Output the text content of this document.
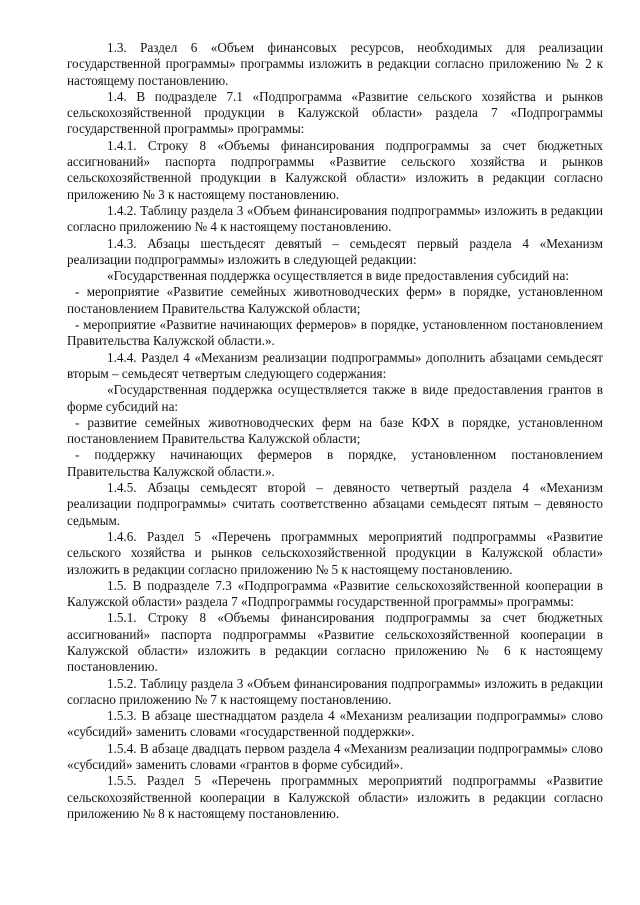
1.3. Раздел 6 «Объем финансовых ресурсов, необходимых для реализации государственной программы» программы изложить в редакции согласно приложению № 2 к настоящему постановлению.

1.4. В подразделе 7.1 «Подпрограмма «Развитие сельского хозяйства и рынков сельскохозяйственной продукции в Калужской области» раздела 7 «Подпрограммы государственной программы» программы:

1.4.1. Строку 8 «Объемы финансирования подпрограммы за счет бюджетных ассигнований» паспорта подпрограммы «Развитие сельского хозяйства и рынков сельскохозяйственной продукции в Калужской области» изложить в редакции согласно приложению № 3 к настоящему постановлению.

1.4.2. Таблицу раздела 3 «Объем финансирования подпрограммы» изложить в редакции согласно приложению № 4 к настоящему постановлению.

1.4.3. Абзацы шестьдесят девятый – семьдесят первый раздела 4 «Механизм реализации подпрограммы» изложить в следующей редакции:

«Государственная поддержка осуществляется в виде предоставления субсидий на:

- мероприятие «Развитие семейных животноводческих ферм» в порядке, установленном постановлением Правительства Калужской области;

- мероприятие «Развитие начинающих фермеров» в порядке, установленном постановлением Правительства Калужской области.».

1.4.4. Раздел 4 «Механизм реализации подпрограммы» дополнить абзацами семьдесят вторым – семьдесят четвертым следующего содержания:

«Государственная поддержка осуществляется также в виде предоставления грантов в форме субсидий на:

- развитие семейных животноводческих ферм на базе КФХ в порядке, установленном постановлением Правительства Калужской области;

- поддержку начинающих фермеров в порядке, установленном постановлением Правительства Калужской области.».

1.4.5. Абзацы семьдесят второй – девяносто четвертый раздела 4 «Механизм реализации подпрограммы» считать соответственно абзацами семьдесят пятым – девяносто седьмым.

1.4.6. Раздел 5 «Перечень программных мероприятий подпрограммы «Развитие сельского хозяйства и рынков сельскохозяйственной продукции в Калужской области» изложить в редакции согласно приложению № 5 к настоящему постановлению.

1.5. В подразделе 7.3 «Подпрограмма «Развитие сельскохозяйственной кооперации в Калужской области» раздела 7 «Подпрограммы государственной программы» программы:

1.5.1. Строку 8 «Объемы финансирования подпрограммы за счет бюджетных ассигнований» паспорта подпрограммы «Развитие сельскохозяйственной кооперации в Калужской области» изложить в редакции согласно приложению № 6 к настоящему постановлению.

1.5.2. Таблицу раздела 3 «Объем финансирования подпрограммы» изложить в редакции согласно приложению № 7 к настоящему постановлению.

1.5.3. В абзаце шестнадцатом раздела 4 «Механизм реализации подпрограммы» слово «субсидий» заменить словами «государственной поддержки».

1.5.4. В абзаце двадцать первом раздела 4 «Механизм реализации подпрограммы» слово «субсидий» заменить словами «грантов в форме субсидий».

1.5.5. Раздел 5 «Перечень программных мероприятий подпрограммы «Развитие сельскохозяйственной кооперации в Калужской области» изложить в редакции согласно приложению № 8 к настоящему постановлению.
